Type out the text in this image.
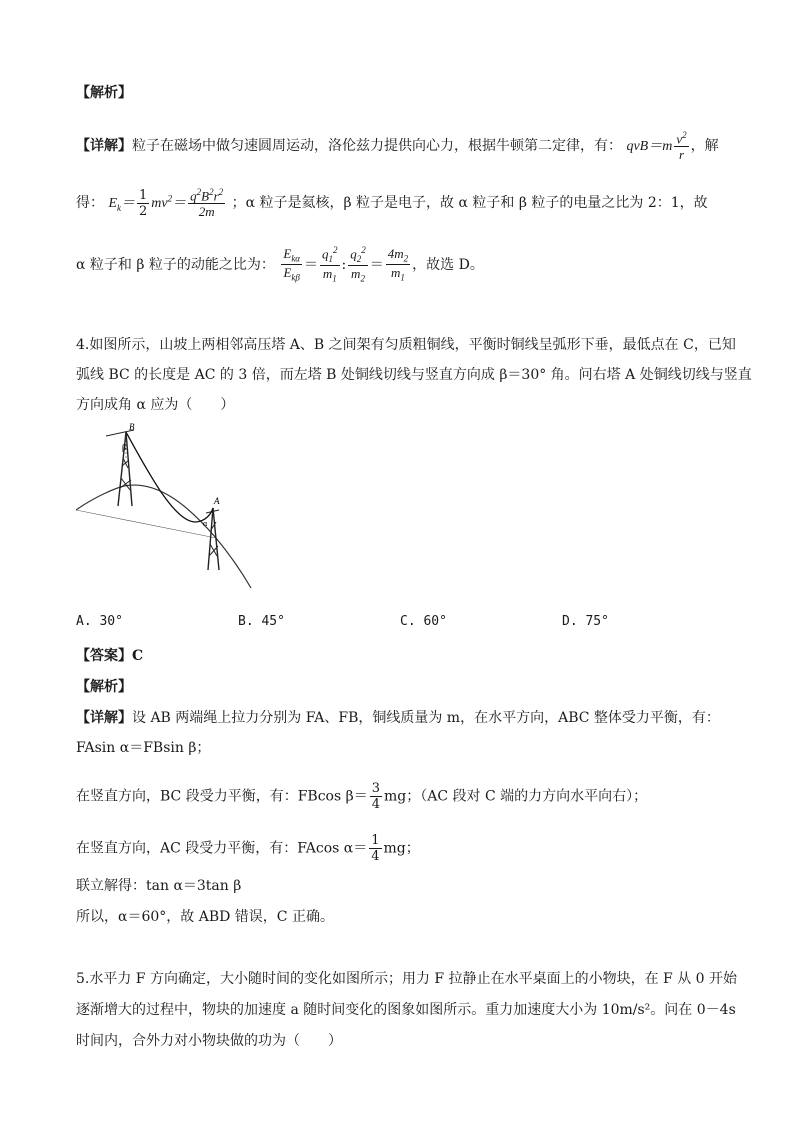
【解析】
【详解】粒子在磁场中做匀速圆周运动，洛伦兹力提供向心力，根据牛顿第二定律，有： $qvB=m \frac{v^2}{r}$ ，解
得： $E_k= \frac{1}{2} mv^2= \frac{q^2B^2r^2}{2m}$ ；α 粒子是氦核，β 粒子是电子，故 α 粒子和 β 粒子的电量之比为 2：1，故
α 粒子和 β 粒子的动能之比为： $\frac{E_{k\alpha}}{E_{k\beta}} = \frac{q_1^2}{m_1}$ : $\frac{q_2^2}{m_2} = \frac{4m_2}{m_1}$ ，故选 D。
4.如图所示，山坡上两相邻高压塔 A、B 之间架有匀质粗铜线，平衡时铜线呈弧形下垂，最低点在 C，已知
弧线 BC 的长度是 AC 的 3 倍，而左塔 B 处铜线切线与竖直方向成 β＝30° 角。问右塔 A 处铜线切线与竖直
方向成角 α 应为（　　）
B
β
A
α
A. 30°	B. 45°	C. 60°	D. 75°
【答案】C
【解析】
【详解】设 AB 两端绳上拉力分别为 FA、FB，铜线质量为 m，在水平方向，ABC 整体受力平衡，有：
FAsin α＝FBsin β；
在竖直方向，BC 段受力平衡，有：FBcos $\beta= \frac{3}{4}$ mg；（AC 段对 C 端的力方向水平向右）；
在竖直方向，AC 段受力平衡，有：FAcos $\alpha= \frac{1}{4}$ mg；
联立解得：tan α＝3tan β
所以，α＝60°，故 ABD 错误，C 正确。
5.水平力 F 方向确定，大小随时间的变化如图所示；用力 F 拉静止在水平桌面上的小物块，在 F 从 0 开始
逐渐增大的过程中，物块的加速度 a 随时间变化的图象如图所示。重力加速度大小为 10m/s²。问在 0－4s
时间内，合外力对小物块做的功为（　　）
